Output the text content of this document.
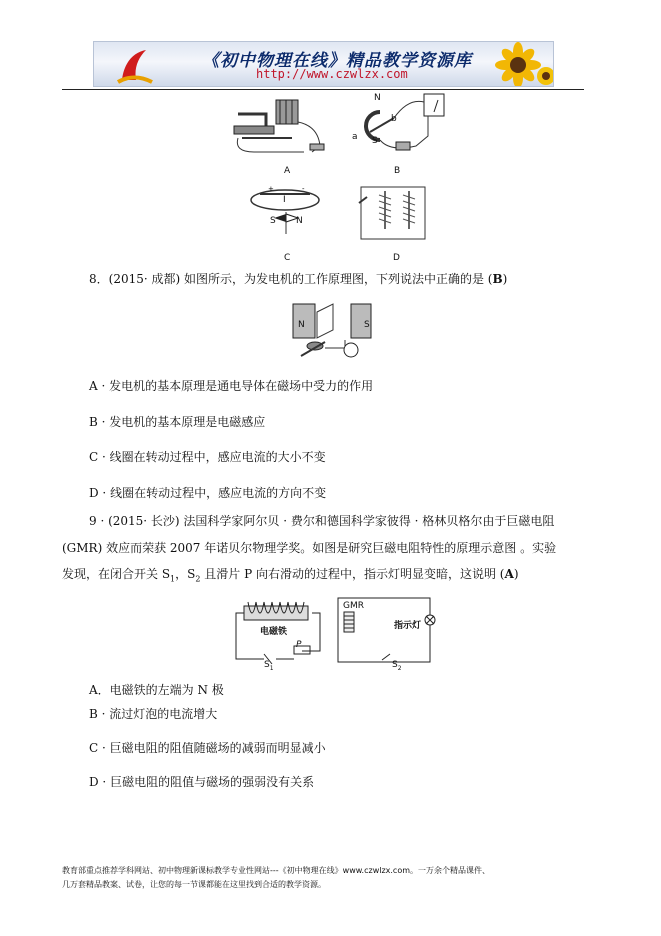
《初中物理在线》精品教学资源库
http://www.czwlzx.com
A
N
S
a
b
B
+	-
I
S N
C	D
8．(2015· 成都) 如图所示，为发电机的工作原理图，下列说法中正确的是 (B)
N	S
A · 发电机的基本原理是通电导体在磁场中受力的作用
B · 发电机的基本原理是电磁感应
C · 线圈在转动过程中，感应电流的大小不变
D · 线圈在转动过程中，感应电流的方向不变
9 · (2015· 长沙) 法国科学家阿尔贝 · 费尔和德国科学家彼得 · 格林贝格尔由于巨磁电阻
(GMR) 效应而荣获 2007 年诺贝尔物理学奖。如图是研究巨磁电阻特性的原理示意图 。实验
发现，在闭合开关 $S_1$，$S_2$ 且滑片 P 向右滑动的过程中，指示灯明显变暗，这说明 (A)
电磁铁
GMR
指示灯
$S_1$	$S_2$
P
A．电磁铁的左端为 N 极
B · 流过灯泡的电流增大
C · 巨磁电阻的阻值随磁场的减弱而明显减小
D · 巨磁电阻的阻值与磁场的强弱没有关系
教育部重点推荐学科网站、初中物理新课标教学专业性网站---《初中物理在线》www.czwlzx.com。一万余个精品课件、
几万套精品教案、试卷，让您的每一节课都能在这里找到合适的教学资源。
